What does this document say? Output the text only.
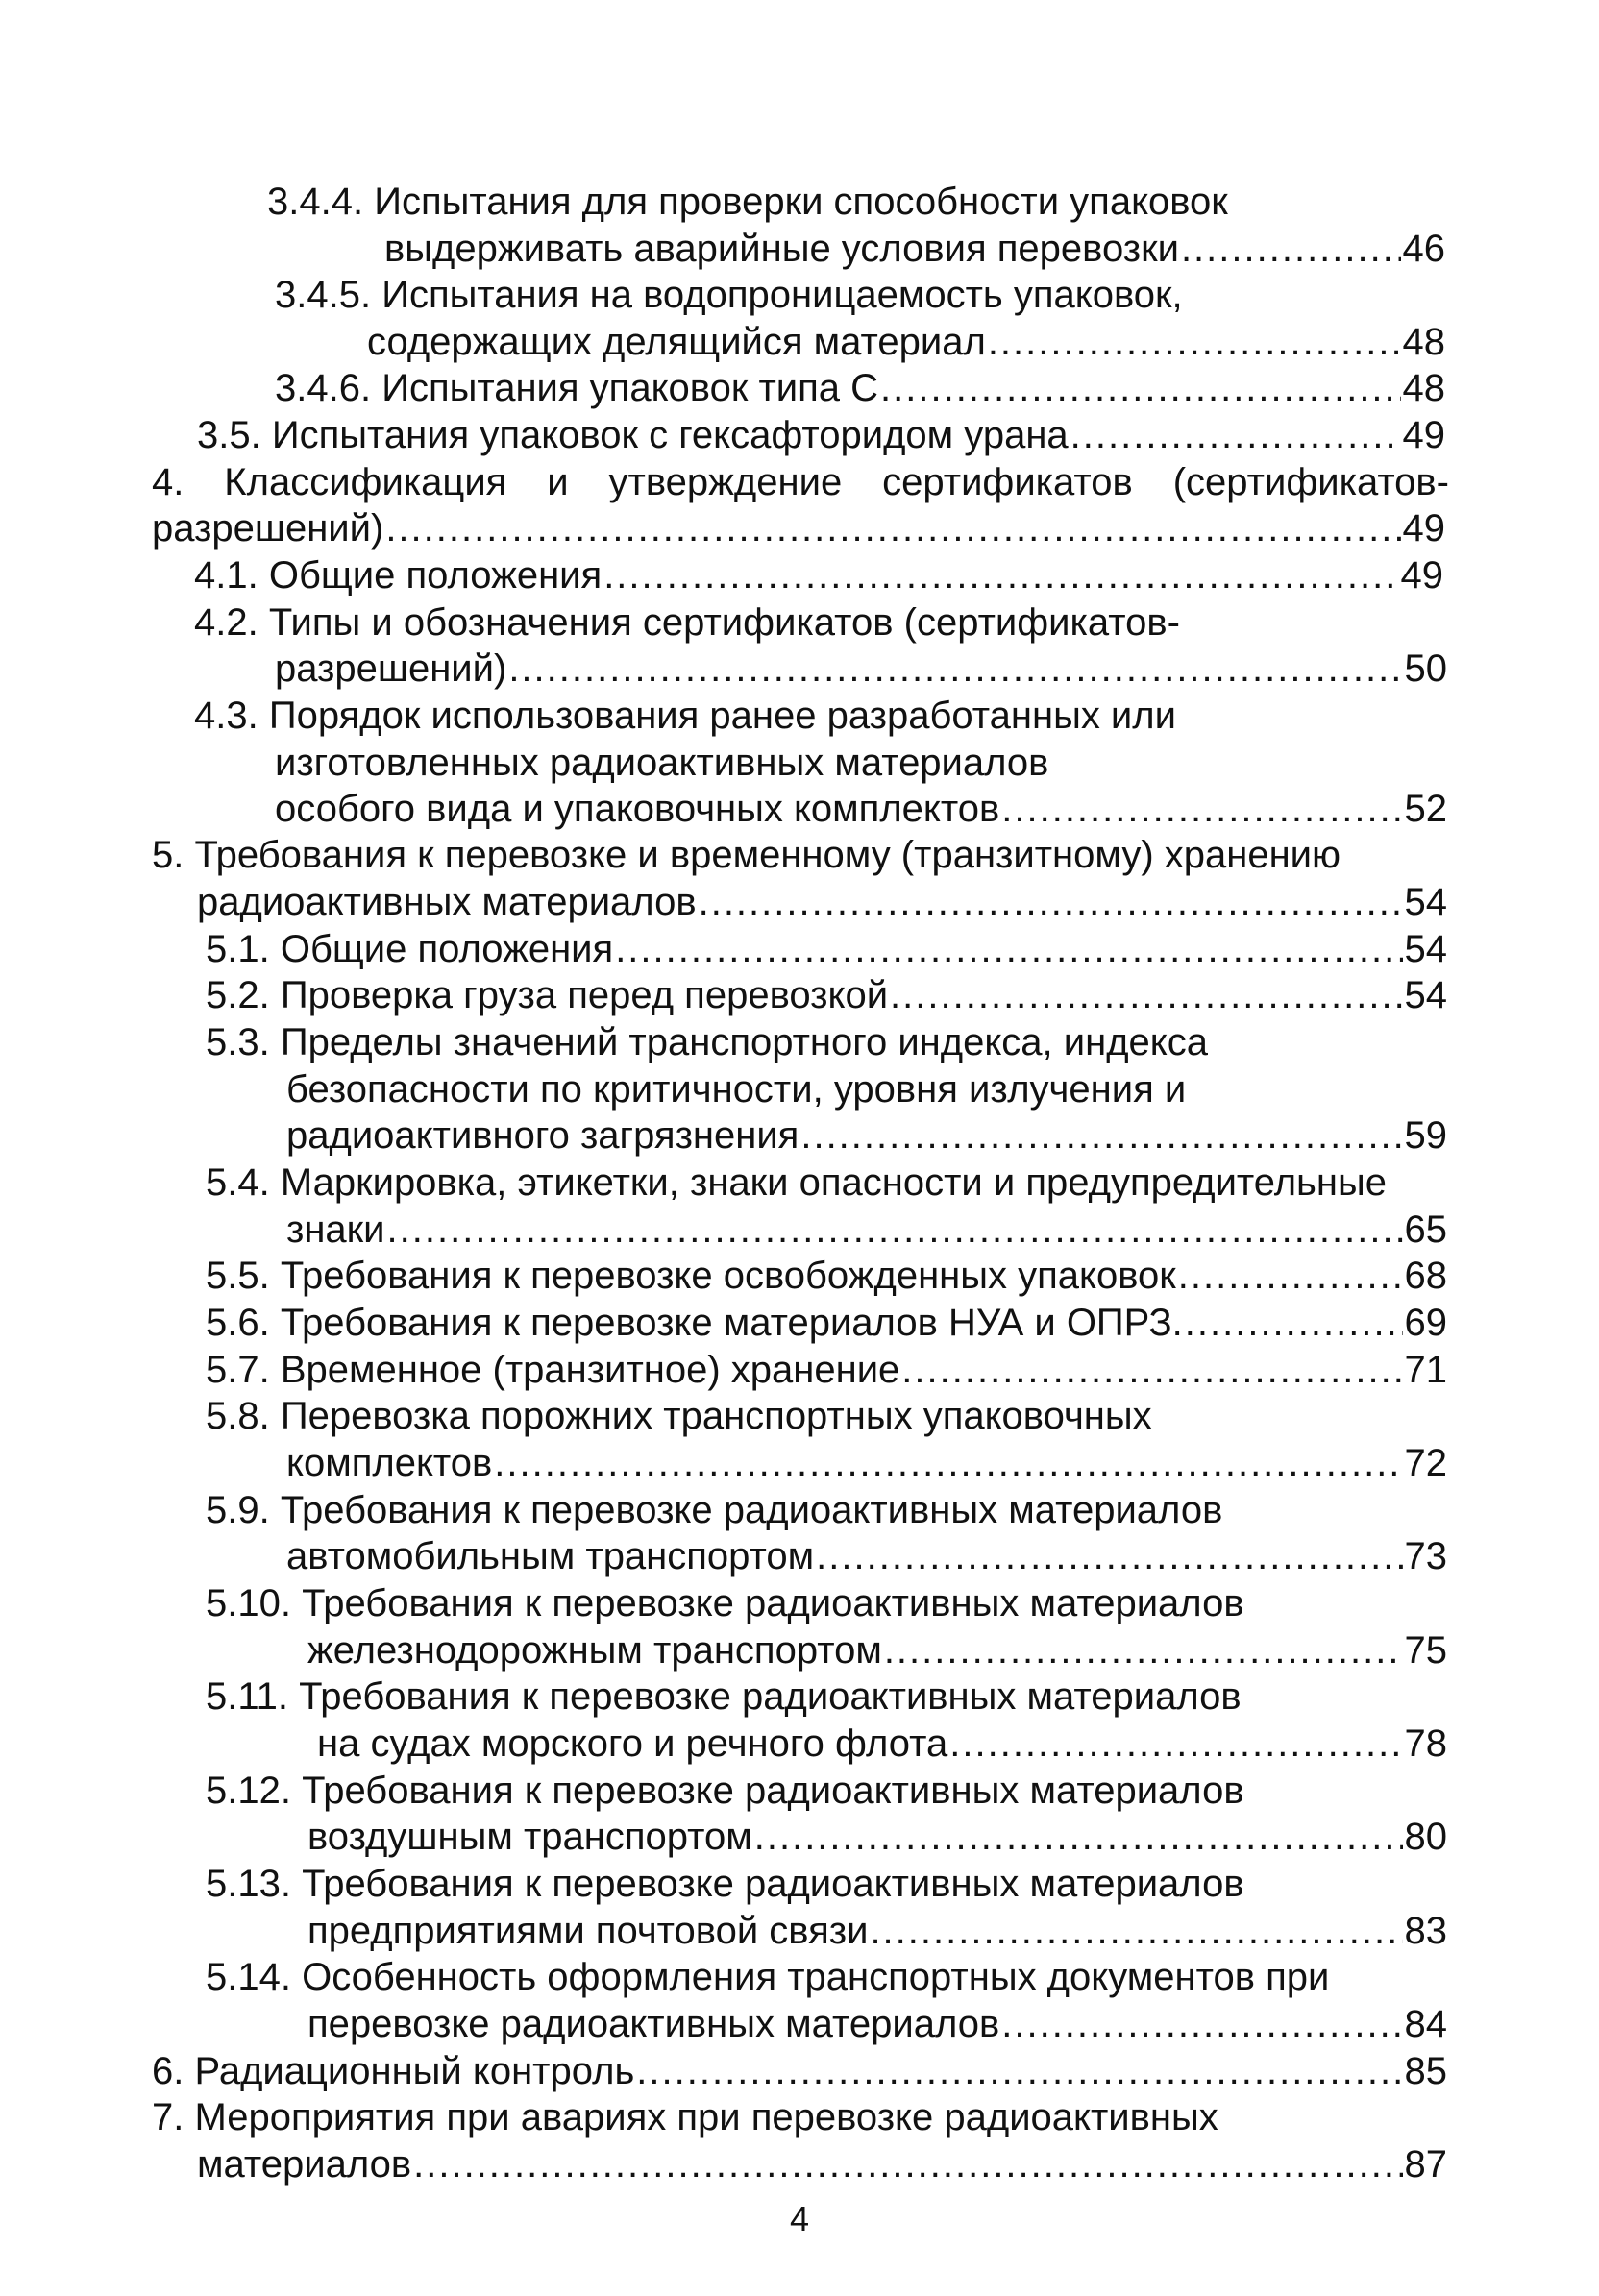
3.4.4. Испытания для проверки способности упаковок
выдерживать аварийные условия перевозки .....	46
3.4.5. Испытания на водопроницаемость упаковок,
содержащих делящийся материал .....	48
3.4.6. Испытания упаковок типа С .....	48
3.5. Испытания упаковок с гексафторидом урана .....	49
4. Классификация и утверждение сертификатов (сертификатов-
разрешений) .....	49
4.1. Общие положения .....	49
4.2. Типы и обозначения сертификатов (сертификатов-
разрешений) .....	50
4.3. Порядок использования ранее разработанных или
изготовленных радиоактивных материалов
особого вида и упаковочных комплектов .....	52
5. Требования к перевозке и временному (транзитному) хранению
радиоактивных материалов .....	54
5.1. Общие положения .....	54
5.2. Проверка груза перед перевозкой .....	54
5.3. Пределы значений транспортного индекса, индекса
безопасности по критичности, уровня излучения и
радиоактивного загрязнения .....	59
5.4. Маркировка, этикетки, знаки опасности и предупредительные
знаки .....	65
5.5. Требования к перевозке освобожденных упаковок .....	68
5.6. Требования к перевозке материалов НУА и ОПРЗ. .....	69
5.7. Временное (транзитное) хранение .....	71
5.8. Перевозка порожних транспортных упаковочных
комплектов .....	72
5.9. Требования к перевозке радиоактивных материалов
автомобильным транспортом .....	73
5.10. Требования к перевозке радиоактивных материалов
железнодорожным транспортом .....	75
5.11. Требования к перевозке радиоактивных материалов
на судах морского и речного флота .....	78
5.12. Требования к перевозке радиоактивных материалов
воздушным транспортом .....	80
5.13. Требования к перевозке радиоактивных материалов
предприятиями почтовой связи .....	83
5.14. Особенность оформления транспортных документов при
перевозке радиоактивных материалов .....	84
6. Радиационный контроль .....	85
7. Мероприятия при авариях при перевозке радиоактивных
материалов .....	87
4
